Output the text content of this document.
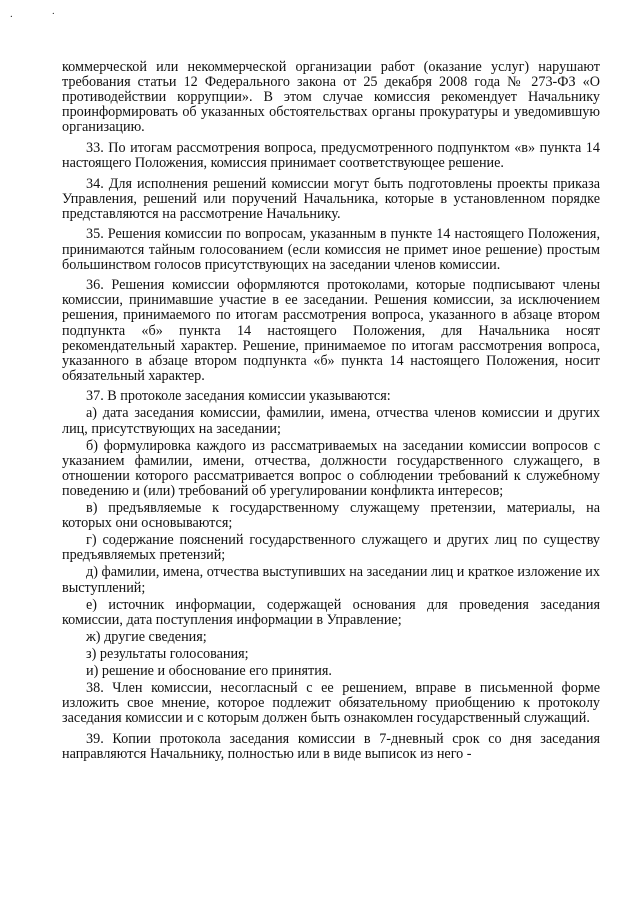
. ·

коммерческой или некоммерческой организации работ (оказание услуг) нарушают требования статьи 12 Федерального закона от 25 декабря 2008 года № 273-ФЗ «О противодействии коррупции». В этом случае комиссия рекомендует Начальнику проинформировать об указанных обстоятельствах органы прокуратуры и уведомившую организацию.

33. По итогам рассмотрения вопроса, предусмотренного подпунктом «в» пункта 14 настоящего Положения, комиссия принимает соответствующее решение.

34. Для исполнения решений комиссии могут быть подготовлены проекты приказа Управления, решений или поручений Начальника, которые в установленном порядке представляются на рассмотрение Начальнику.

35. Решения комиссии по вопросам, указанным в пункте 14 настоящего Положения, принимаются тайным голосованием (если комиссия не примет иное решение) простым большинством голосов присутствующих на заседании членов комиссии.

36. Решения комиссии оформляются протоколами, которые подписывают члены комиссии, принимавшие участие в ее заседании. Решения комиссии, за исключением решения, принимаемого по итогам рассмотрения вопроса, указанного в абзаце втором подпункта «б» пункта 14 настоящего Положения, для Начальника носят рекомендательный характер. Решение, принимаемое по итогам рассмотрения вопроса, указанного в абзаце втором подпункта «б» пункта 14 настоящего Положения, носит обязательный характер.

37. В протоколе заседания комиссии указываются:

а) дата заседания комиссии, фамилии, имена, отчества членов комиссии и других лиц, присутствующих на заседании;

б) формулировка каждого из рассматриваемых на заседании комиссии вопросов с указанием фамилии, имени, отчества, должности государственного служащего, в отношении которого рассматривается вопрос о соблюдении требований к служебному поведению и (или) требований об урегулировании конфликта интересов;

в) предъявляемые к государственному служащему претензии, материалы, на которых они основываются;

г) содержание пояснений государственного служащего и других лиц по существу предъявляемых претензий;

д) фамилии, имена, отчества выступивших на заседании лиц и краткое изложение их выступлений;

е) источник информации, содержащей основания для проведения заседания комиссии, дата поступления информации в Управление;

ж) другие сведения;

з) результаты голосования;

и) решение и обоснование его принятия.

38. Член комиссии, несогласный с ее решением, вправе в письменной форме изложить свое мнение, которое подлежит обязательному приобщению к протоколу заседания комиссии и с которым должен быть ознакомлен государственный служащий.

39. Копии протокола заседания комиссии в 7-дневный срок со дня заседания направляются Начальнику, полностью или в виде выписок из него -
